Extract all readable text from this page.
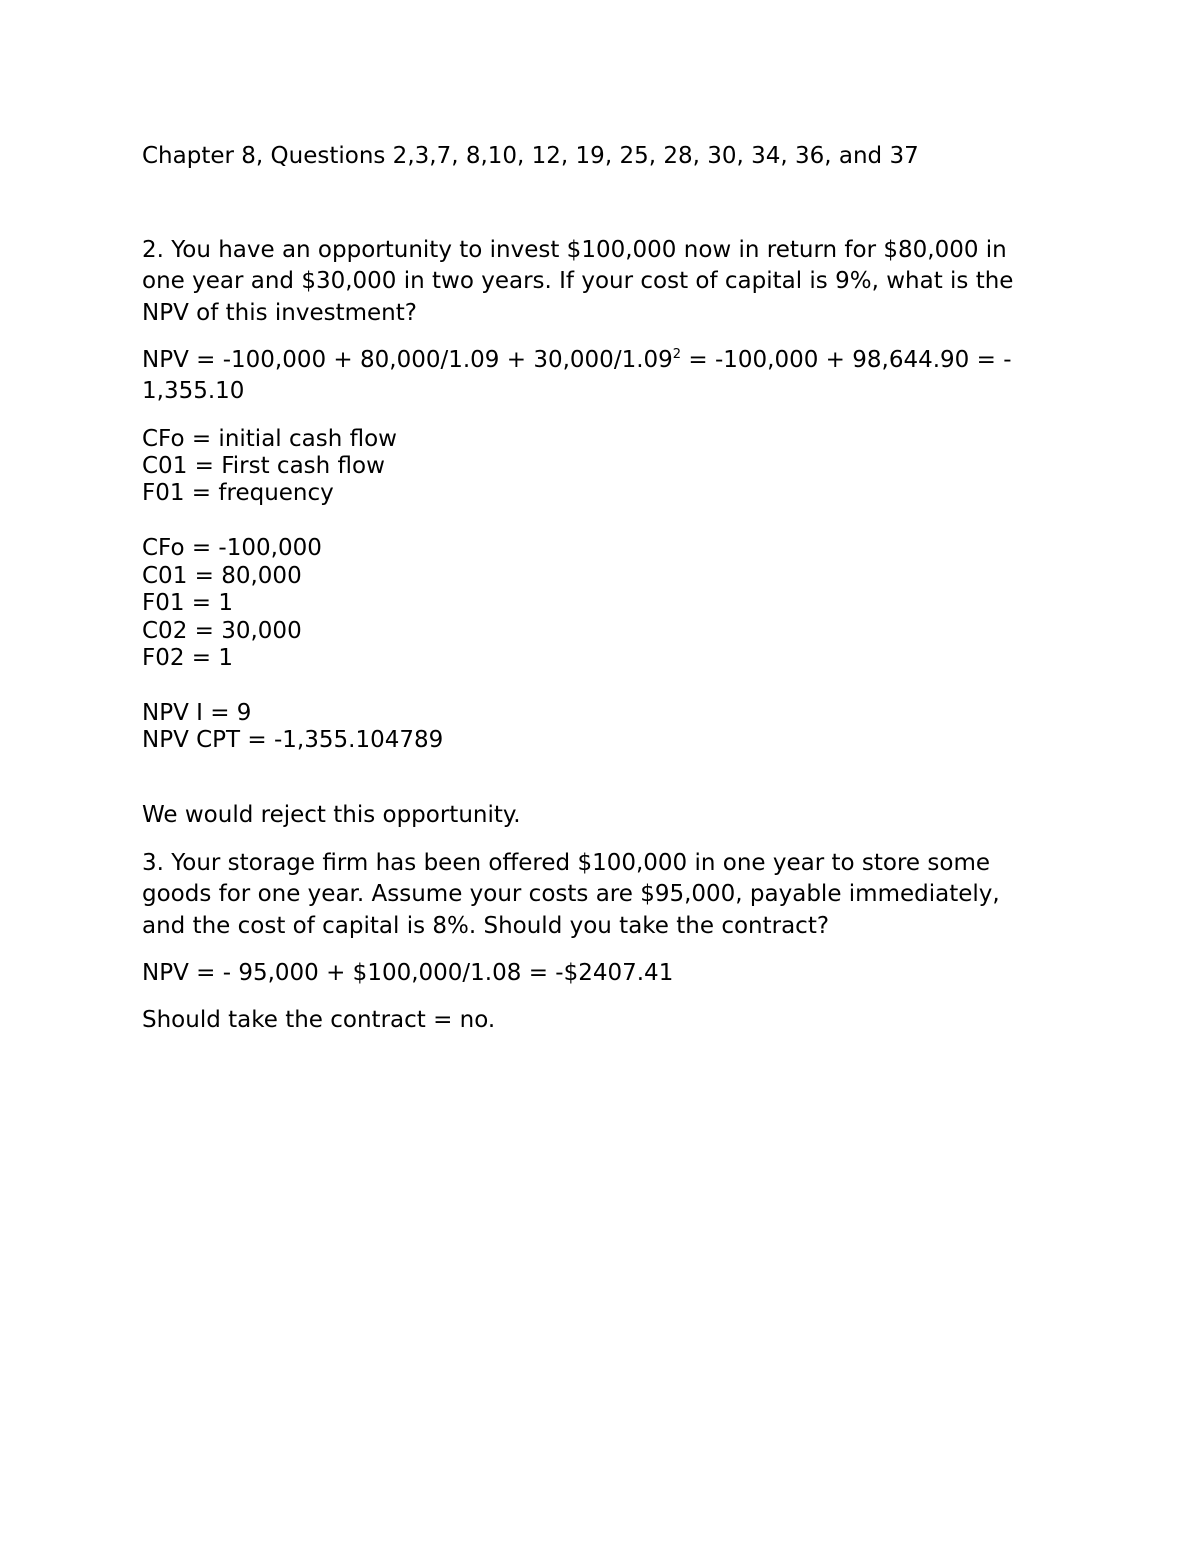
Chapter 8, Questions 2,3,7, 8,10, 12, 19, 25, 28, 30, 34, 36, and 37
2. You have an opportunity to invest $100,000 now in return for $80,000 in
one year and $30,000 in two years. If your cost of capital is 9%, what is the
NPV of this investment?
NPV = $-100,000 + 80,000/1.09 + 30,000/1.09^2 = -100,000 + 98,644.90$ = -
1,355.10
CFo = initial cash flow
C01 = First cash flow
F01 = frequency
CFo = -100,000
C01 = 80,000
F01 = 1
C02 = 30,000
F02 = 1
NPV I = 9
NPV CPT = -1,355.104789
We would reject this opportunity.
3. Your storage firm has been offered $100,000 in one year to store some
goods for one year. Assume your costs are $95,000, payable immediately,
and the cost of capital is 8%. Should you take the contract?
NPV = - 95,000 + $100,000/1.08 = -$2407.41
Should take the contract = no.
